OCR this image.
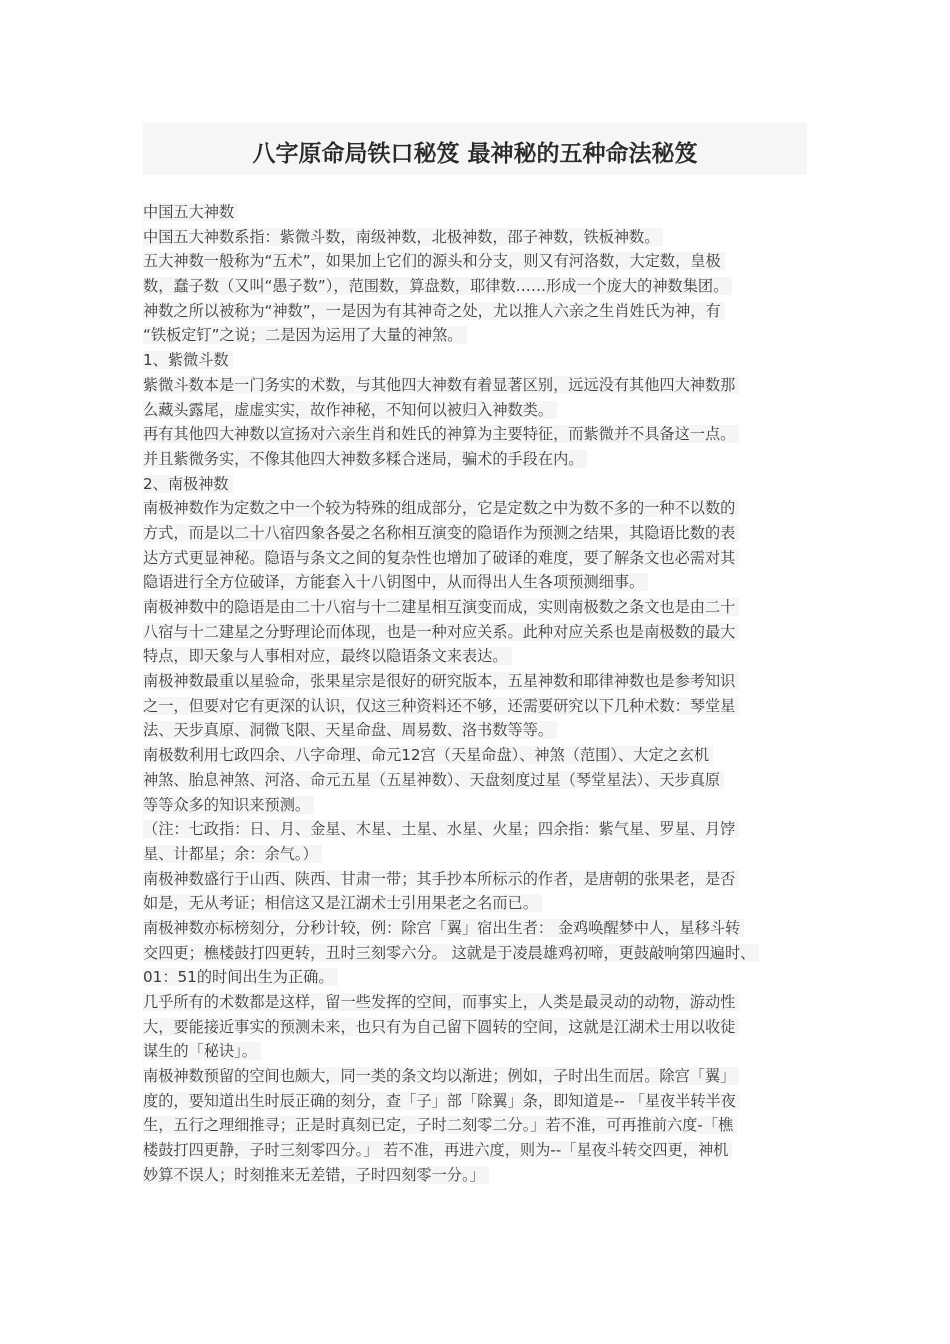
八字原命局铁口秘笈 最神秘的五种命法秘笈
中国五大神数
中国五大神数系指：紫微斗数，南级神数，北极神数，邵子神数，铁板神数。
五大神数一般称为“五术”，如果加上它们的源头和分支，则又有河洛数，大定数，皇极
数，蠢子数（又叫“愚子数”），范围数，算盘数，耶律数……形成一个庞大的神数集团。
神数之所以被称为“神数”，一是因为有其神奇之处，尤以推人六亲之生肖姓氏为神，有
“铁板定钉”之说；二是因为运用了大量的神煞。
1、紫微斗数
紫微斗数本是一门务实的术数，与其他四大神数有着显著区别，远远没有其他四大神数那
么藏头露尾，虚虚实实，故作神秘，不知何以被归入神数类。
再有其他四大神数以宣扬对六亲生肖和姓氏的神算为主要特征，而紫微并不具备这一点。
并且紫微务实，不像其他四大神数多糅合迷局，骗术的手段在内。
2、南极神数
南极神数作为定数之中一个较为特殊的组成部分，它是定数之中为数不多的一种不以数的
方式，而是以二十八宿四象各晏之名称相互演变的隐语作为预测之结果，其隐语比数的表
达方式更显神秘。隐语与条文之间的复杂性也增加了破译的难度，要了解条文也必需对其
隐语进行全方位破译，方能套入十八钥图中，从而得出人生各项预测细事。
南极神数中的隐语是由二十八宿与十二建星相互演变而成，实则南极数之条文也是由二十
八宿与十二建星之分野理论而体现，也是一种对应关系。此种对应关系也是南极数的最大
特点，即天象与人事相对应，最终以隐语条文来表达。
南极神数最重以星验命，张果星宗是很好的研究版本，五星神数和耶律神数也是参考知识
之一，但要对它有更深的认识，仅这三种资料还不够，还需要研究以下几种术数：琴堂星
法、天步真原、洞微飞限、天星命盘、周易数、洛书数等等。
南极数利用七政四余、八字命理、命元12宫（天星命盘）、神煞（范围）、大定之玄机
神煞、胎息神煞、河洛、命元五星（五星神数）、天盘刻度过星（琴堂星法）、天步真原
等等众多的知识来预测。
（注：七政指：日、月、金星、木星、土星、水星、火星；四余指：紫气星、罗星、月饽
星、计都星；余：余气。）
南极神数盛行于山西、陕西、甘肃一带；其手抄本所标示的作者，是唐朝的张果老，是否
如是，无从考证；相信这又是江湖术士引用果老之名而已。
南极神数亦标榜刻分，分秒计较，例：除宫「翼」宿出生者： 金鸡唤醒梦中人，星移斗转
交四更；樵楼鼓打四更转，丑时三刻零六分。 这就是于凌晨雄鸡初啼，更鼓敲响第四遍时、
01：51的时间出生为正确。
几乎所有的术数都是这样，留一些发挥的空间，而事实上，人类是最灵动的动物，游动性
大，要能接近事实的预测未来，也只有为自己留下圆转的空间，这就是江湖术士用以收徒
谋生的「秘诀」。
南极神数预留的空间也颇大，同一类的条文均以渐进；例如，子时出生而居。除宫「翼」
度的，要知道出生时辰正确的刻分，查「子」部「除翼」条，即知道是-- 「星夜半转半夜
生，五行之理细推寻；正是时真刻已定，子时二刻零二分。」若不淮，可再推前六度-「樵
楼鼓打四更静，子时三刻零四分。」 若不准，再进六度，则为--「星夜斗转交四更，神机
妙算不误人；时刻推来无差错，子时四刻零一分。」
